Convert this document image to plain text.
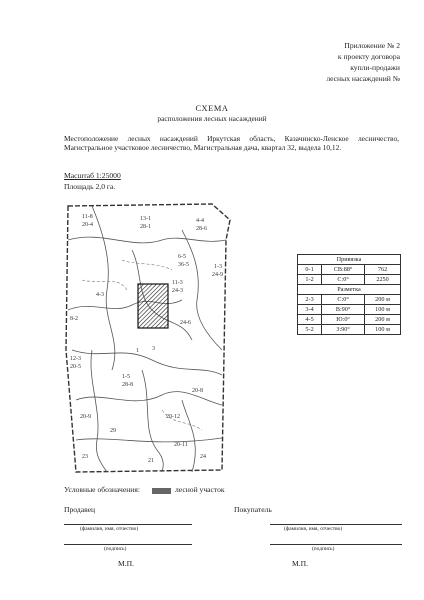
Приложение № 2
к проекту договора
купли-продажи
лесных насаждений №
СХЕМА
расположения лесных насаждений
Местоположение лесных насаждений Иркутская область, Казачинско-Ленское лесничество, Магистральное участковое лесничество, Магистральная дача, квартал 32, выдела 10,12.
Масштаб 1:25000
Площадь 2,0 га.
11-8
20-4
13-1
28-1
4-4
28-6
6-5
36-5
11-3
24-3
1-3
24-9
8-2
4-3
12-3
20-5
24-6
3
1-5
28-8
1
20-9	20-12
20-8
29
23
21
24
20-11
Привязка		
0-1	СВ:88°	762
1-2	С:0°	2250
Разметка		
2-3	С:0°	200 м
3-4	В:90°	100 м
4-5	Ю:0°	200 м
5-2	З:90°	100 м
Условные обозначения:	лесной участок
Продавец	Покупатель
(фамилия, имя, отчество)	(фамилия, имя, отчество)
(подпись)	(подпись)
М.П.	М.П.
